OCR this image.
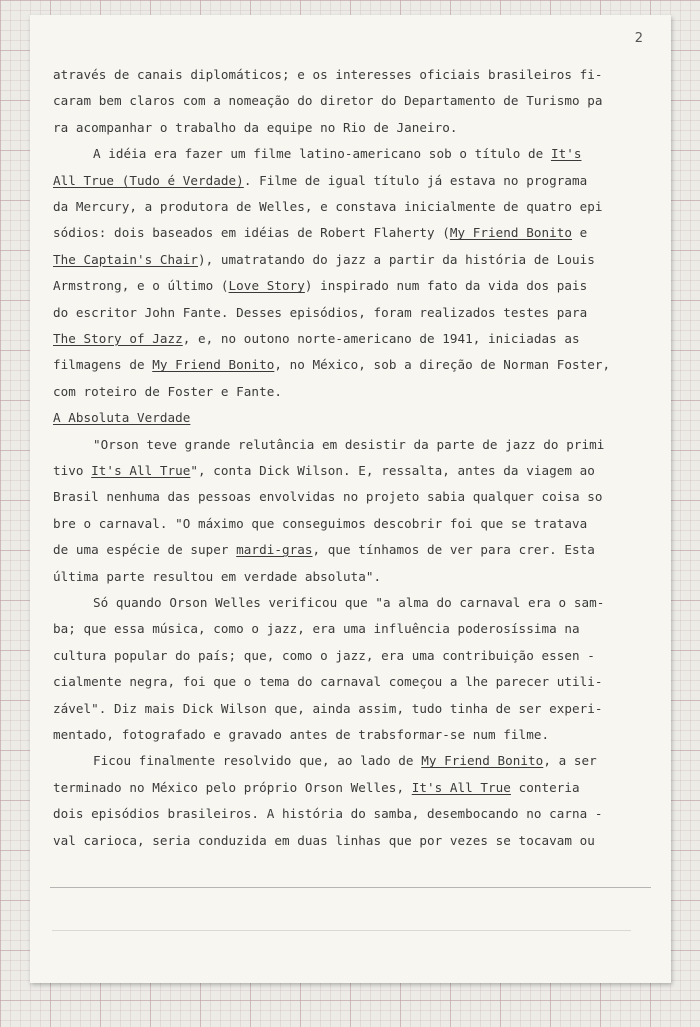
2
através de canais diplomáticos; e os interesses oficiais brasileiros fi-
caram bem claros com a nomeação do diretor do Departamento de Turismo pa
ra acompanhar o trabalho da equipe no Rio de Janeiro.
A idéia era fazer um filme latino-americano sob o título de It's
All True (Tudo é Verdade). Filme de igual título já estava no programa
da Mercury, a produtora de Welles, e constava inicialmente de quatro epi
sódios: dois baseados em idéias de Robert Flaherty (My Friend Bonito e
The Captain's Chair), umatratando do jazz a partir da história de Louis
Armstrong, e o último (Love Story) inspirado num fato da vida dos pais
do escritor John Fante. Desses episódios, foram realizados testes para
The Story of Jazz, e, no outono norte-americano de 1941, iniciadas as
filmagens de My Friend Bonito, no México, sob a direção de Norman Foster,
com roteiro de Foster e Fante.
A Absoluta Verdade
"Orson teve grande relutância em desistir da parte de jazz do primi
tivo It's All True", conta Dick Wilson. E, ressalta, antes da viagem ao
Brasil nenhuma das pessoas envolvidas no projeto sabia qualquer coisa so
bre o carnaval. "O máximo que conseguimos descobrir foi que se tratava
de uma espécie de super mardi-gras, que tínhamos de ver para crer. Esta
última parte resultou em verdade absoluta".
Só quando Orson Welles verificou que "a alma do carnaval era o sam-
ba; que essa música, como o jazz, era uma influência poderosíssima na
cultura popular do país; que, como o jazz, era uma contribuição essen -
cialmente negra, foi que o tema do carnaval começou a lhe parecer utili-
zável". Diz mais Dick Wilson que, ainda assim, tudo tinha de ser experi-
mentado, fotografado e gravado antes de trabsformar-se num filme.
Ficou finalmente resolvido que, ao lado de My Friend Bonito, a ser
terminado no México pelo próprio Orson Welles, It's All True conteria
dois episódios brasileiros. A história do samba, desembocando no carna -
val carioca, seria conduzida em duas linhas que por vezes se tocavam ou
